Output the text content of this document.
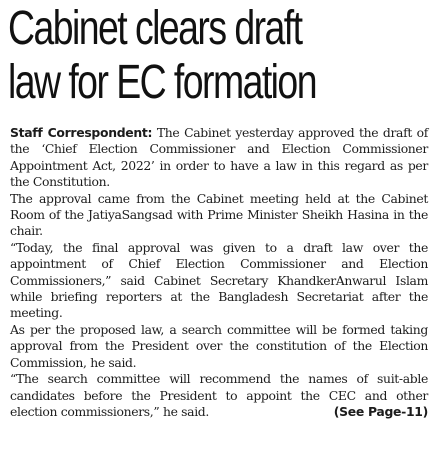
Cabinet clears draft
law for EC formation

Staff Correspondent: The Cabinet yesterday approved the draft of the ‘Chief Election Commissioner and Election Commissioner Appointment Act, 2022’ in order to have a law in this regard as per the Constitution.

The approval came from the Cabinet meeting held at the Cabinet Room of the JatiyaSangsad with Prime Minister Sheikh Hasina in the chair.

“Today, the final approval was given to a draft law over the appointment of Chief Election Commissioner and Election Commissioners,” said Cabinet Secretary KhandkerAnwarul Islam while briefing reporters at the Bangladesh Secretariat after the meeting.

As per the proposed law, a search committee will be formed taking approval from the President over the constitution of the Election Commission, he said.

“The search committee will recommend the names of suit-able candidates before the President to appoint the CEC and other election commissioners,” he said.	(See Page-11)
